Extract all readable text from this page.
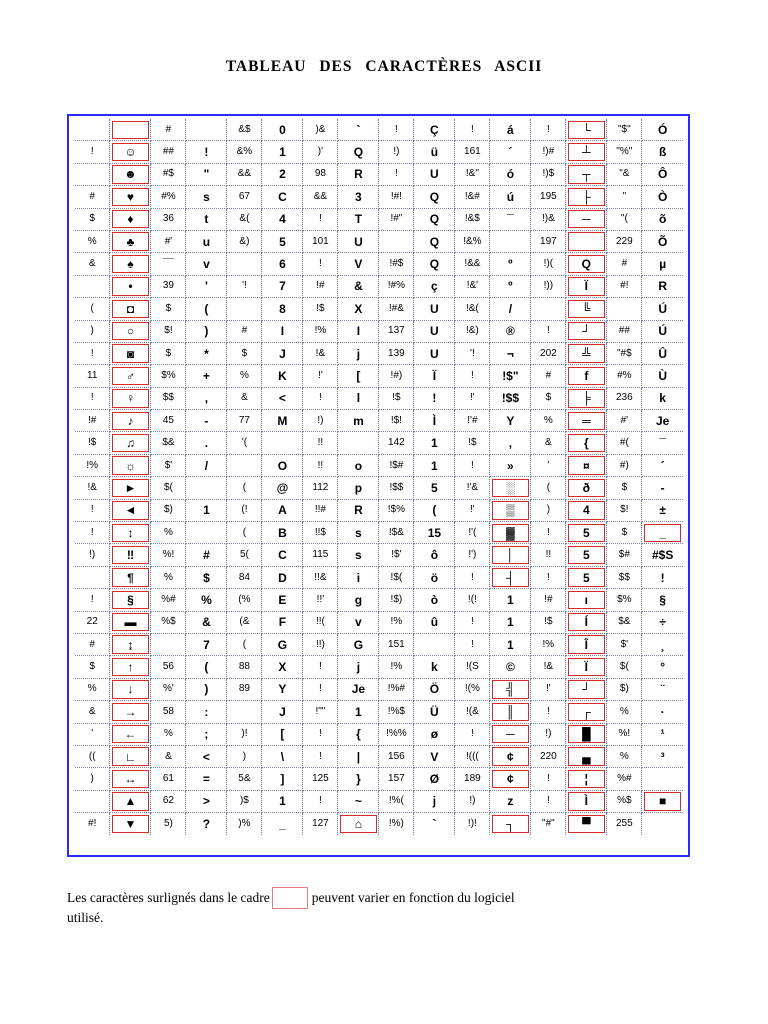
TABLEAU DES CARACTÈRES ASCII
		#		&$	0	)&	`	!	Ç	!	á	!	└	"$"	Ó
!	☺	##	!	&%	1	)'	Q	!)	ü	161	´	!)#	┴	"%"	ß
	☻	#$	"	&&	2	98	R	!	U	!&"	ó	!)$	┬	"&	Ô
#	♥	#%	s	67	C	&&	3	!#!	Q	!&#	ú	195	├	"	Ò
$	♦	36	t	&(	4	!	T	!#"	Q	!&$	¯	!)&	─	"(	õ
%	♣	#'	u	&)	5	101	U		Q	!&%		197		229	Õ
&	♠	¯¯	v		6	!	V	!#$	Q	!&&	º	!)(	Q	#	µ
	•	39	'	'!	7	!#	&	!#%	ç	!&'	º	!))	Ï	#!	R
(	◘	$	(		8	!$	X	!#&	U	!&(	/		╚		Ú
)	○	$!	)	#	I	!%	I	137	U	!&)	®	!	┘	##	Ú
!	◙	$	*	$	J	!&	j	139	U	'!	¬	202	╩	"#$	Û
11	♂	$%	+	%	K	!'	[	!#)	Ï	!	!$"	#	f	#%	Ù
!	♀	$$	,	&	<	!	l	!$	!	!'	!$$	$	╞	236	k
!#	♪	45	-	77	M	!)	m	!$!	Ì	!'#	Y	%	═	#'	Je
!$	♫	$&	.	'(		!!		142	1	!$	,	&	{	#(	¯
!%	☼	$'	/		O	!!	o	!$#	1	!	»	'	¤	#)	´
!&	►	$(		(	@	112	p	!$$	5	!'&	░	(	ð	$	-
!	◄	$)	1	(!	A	!!#	R	!$%	(	!'	▒	)	4	$!	±
!	↕	%		(	B	!!$	s	!$&	15	!'(	▓	!	5	$	_
!)	‼	%!	#	5(	C	115	s	!$'	ô	!')	│	!!	5	$#	#$S
	¶	%	$	84	D	!!&	i	!$(	ö	!	┤	!	5	$$	!
!	§	%#	%	(%	E	!!'	g	!$)	ò	!(!	1	!#	ı	$%	§
22	▬	%$	&	(&	F	!!(	v	!%	û	!	1	!$	Í	$&	÷
#	↨		7	(	G	!!)	G	151		!	1	!%	Î	$'	¸
$	↑	56	(	88	X	!	j	!%	k	!(S	©	!&	Ï	$(	°
%	↓	%'	)	89	Y	!	Je	!%#	Ö	!(%	╣	!'	┘	$)	¨
&	→	58	:		J	!""	1	!%$	Ü	!(&	║	!	┌	%	·
'	←	%	;	)!	[	!	{	!%%	ø	!	─	!)	█	%!	¹
((	∟	&	<	)	\	!	|	156	V	!(((	¢	220	▄	%	³
)	↔	61	=	5&	]	125	}	157	Ø	189	¢	!	¦	%#	
	▲	62	>	)$	1	!	~	!%(	j	!)	z	!	Ì	%$	■
#!	▼	5)	?	)%	_	127	⌂	!%)	`	!)!	┐	"#"	▀	255	
Les caractères surlignés dans le cadre	peuvent varier en fonction du logiciel
utilisé.
